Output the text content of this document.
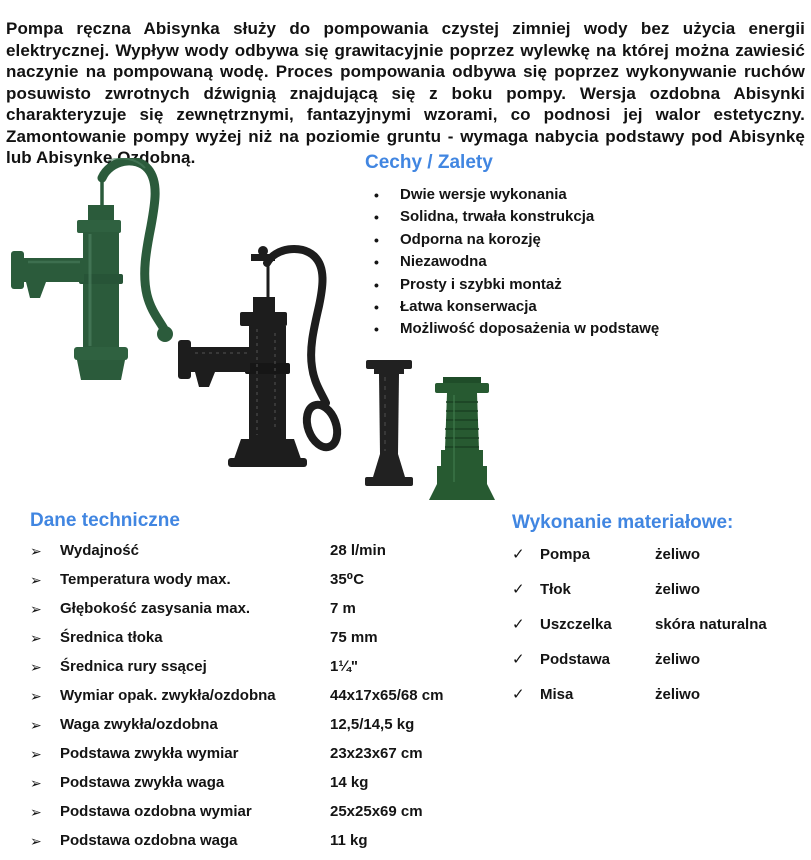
Pompa ręczna Abisynka służy do pompowania czystej zimniej wody bez użycia energii elektrycznej. Wypływ wody odbywa się grawitacyjnie poprzez wylewkę na której można zawiesić naczynie na pompowaną wodę. Proces pompowania odbywa się poprzez wykonywanie ruchów posuwisto zwrotnych dźwignią znajdującą się z boku pompy. Wersja ozdobna Abisynki charakteryzuje się zewnętrznymi, fantazyjnymi wzorami, co podnosi jej walor estetyczny. Zamontowanie pompy wyżej niż na poziomie gruntu - wymaga nabycia podstawy pod Abisynkę lub Abisynkę Ozdobną.	Cechy / Zalety
•	Dwie wersje wykonania
•	Solidna, trwała konstrukcja
•	Odporna na korozję
•	Niezawodna
•	Prosty i szybki montaż
•	Łatwa konserwacja
•	Możliwość doposażenia w podstawę
Dane techniczne
➢	Wydajność	28 l/min
➢	Temperatura wody max.	35⁰C
➢	Głębokość zasysania max.	7 m
➢	Średnica tłoka	75 mm
➢	Średnica rury ssącej	1¼"
➢	Wymiar opak. zwykła/ozdobna	44x17x65/68 cm
➢	Waga zwykła/ozdobna	12,5/14,5 kg
➢	Podstawa zwykła wymiar	23x23x67 cm
➢	Podstawa zwykła waga	14 kg
➢	Podstawa ozdobna wymiar	25x25x69 cm
➢	Podstawa ozdobna waga	11 kg
Wykonanie materiałowe:
✓	Pompa	żeliwo
✓	Tłok	żeliwo
✓	Uszczelka	skóra naturalna
✓	Podstawa	żeliwo
✓	Misa	żeliwo
